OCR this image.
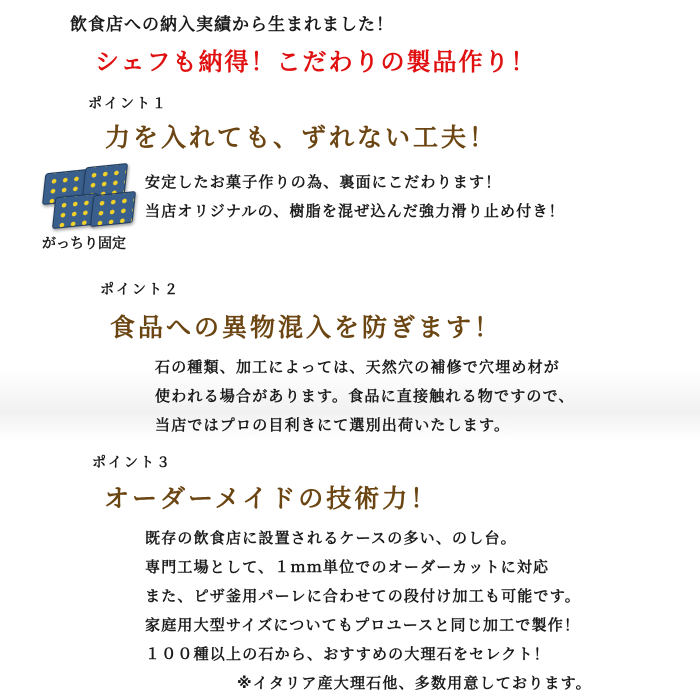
飲食店への納入実績から生まれました！
シェフも納得！こだわりの製品作り！
ポイント１
力を入れても、ずれない工夫！
がっちり固定
安定したお菓子作りの為、裏面にこだわります！
当店オリジナルの、樹脂を混ぜ込んだ強力滑り止め付き！
ポイント２
食品への異物混入を防ぎます！
石の種類、加工によっては、天然穴の補修で穴埋め材が
使われる場合があります。食品に直接触れる物ですので、
当店ではプロの目利きにて選別出荷いたします。
ポイント３
オーダーメイドの技術力！
既存の飲食店に設置されるケースの多い、のし台。
専門工場として、１ｍｍ単位でのオーダーカットに対応
また、ピザ釜用パーレに合わせての段付け加工も可能です。
家庭用大型サイズについてもプロユースと同じ加工で製作！
１００種以上の石から、おすすめの大理石をセレクト！
※イタリア産大理石他、多数用意しております。
